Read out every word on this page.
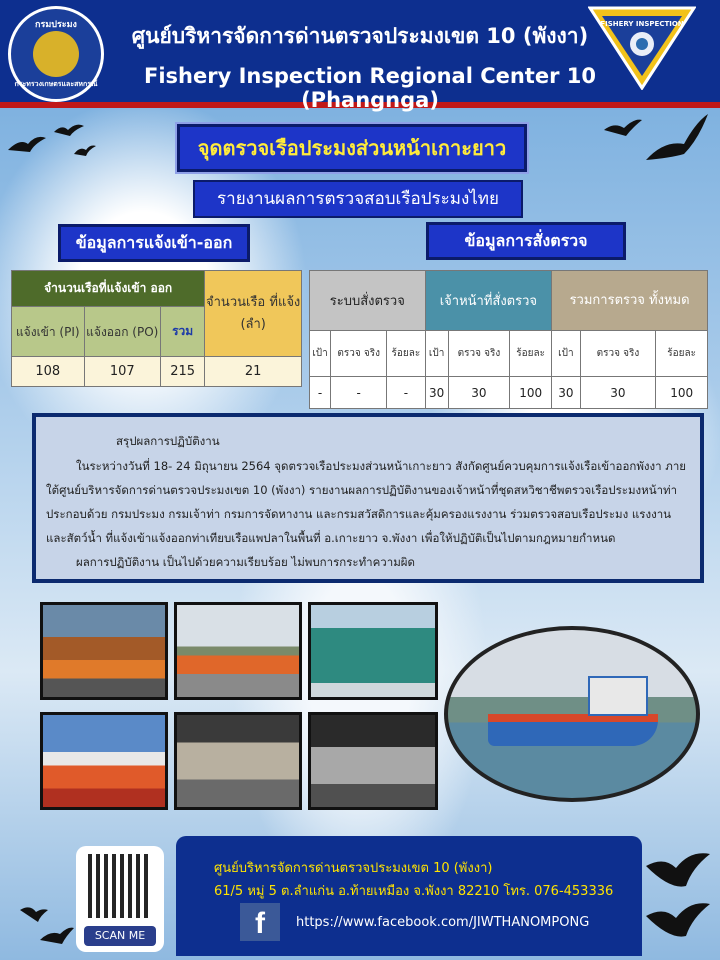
กรมประมง
กระทรวงเกษตรและสหกรณ์
ศูนย์บริหารจัดการด่านตรวจประมงเขต 10 (พังงา)
Fishery Inspection Regional Center 10 (Phangnga)
FISHERY INSPECTION
จุดตรวจเรือประมงส่วนหน้าเกาะยาว
รายงานผลการตรวจสอบเรือประมงไทย
ข้อมูลการแจ้งเข้า-ออก	ข้อมูลการสั่งตรวจ
จำนวนเรือที่แจ้งเข้า ออก			จำนวนเรือ ที่แจ้ง (ลำ)
แจ้งเข้า (PI)	แจ้งออก (PO)	รวม	
108	107	215	21
ระบบสั่งตรวจ			เจ้าหน้าที่สั่งตรวจ			รวมการตรวจ ทั้งหมด		
เป้า	ตรวจ จริง	ร้อยละ	เป้า	ตรวจ จริง	ร้อยละ	เป้า	ตรวจ จริง	ร้อยละ
-	-	-	30	30	100	30	30	100

สรุปผลการปฏิบัติงาน

ในระหว่างวันที่ 18- 24 มิถุนายน 2564 จุดตรวจเรือประมงส่วนหน้าเกาะยาว สังกัดศูนย์ควบคุมการแจ้งเรือเข้าออกพังงา ภายใต้ศูนย์บริหารจัดการด่านตรวจประมงเขต 10 (พังงา) รายงานผลการปฏิบัติงานของเจ้าหน้าที่ชุดสหวิชาชีพตรวจเรือประมงหน้าท่า ประกอบด้วย กรมประมง กรมเจ้าท่า กรมการจัดหางาน และกรมสวัสดิการและคุ้มครองแรงงาน ร่วมตรวจสอบเรือประมง แรงงาน และสัตว์น้ำ ที่แจ้งเข้าแจ้งออกท่าเทียบเรือแพปลาในพื้นที่ อ.เกาะยาว จ.พังงา เพื่อให้ปฏิบัติเป็นไปตามกฎหมายกำหนด

ผลการปฏิบัติงาน เป็นไปด้วยความเรียบร้อย ไม่พบการกระทำความผิด

SCAN ME
ศูนย์บริหารจัดการด่านตรวจประมงเขต 10 (พังงา)
61/5 หมู่ 5 ต.ลำแก่น อ.ท้ายเหมือง จ.พังงา 82210 โทร. 076-453336
f	https://www.facebook.com/JIWTHANOMPONG
